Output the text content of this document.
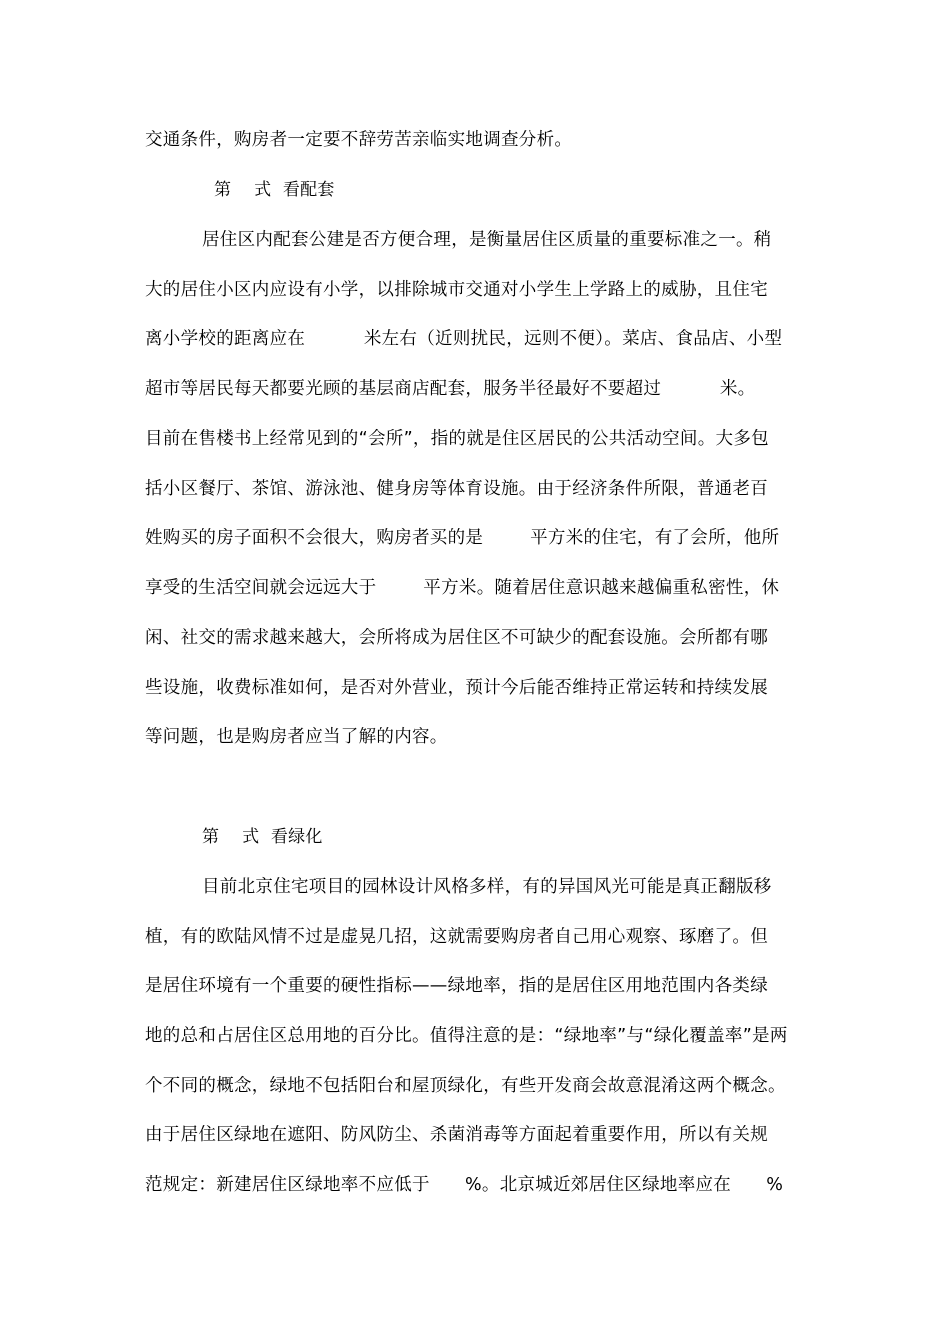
交通条件，购房者一定要不辞劳苦亲临实地调查分析。
第    式  看配套
居住区内配套公建是否方便合理，是衡量居住区质量的重要标准之一。稍
大的居住小区内应设有小学，以排除城市交通对小学生上学路上的威胁，且住宅
离小学校的距离应在          米左右（近则扰民，远则不便）。菜店、食品店、小型
超市等居民每天都要光顾的基层商店配套，服务半径最好不要超过          米。
目前在售楼书上经常见到的“会所”，指的就是住区居民的公共活动空间。大多包
括小区餐厅、茶馆、游泳池、健身房等体育设施。由于经济条件所限，普通老百
姓购买的房子面积不会很大，购房者买的是        平方米的住宅，有了会所，他所
享受的生活空间就会远远大于        平方米。随着居住意识越来越偏重私密性，休
闲、社交的需求越来越大，会所将成为居住区不可缺少的配套设施。会所都有哪
些设施，收费标准如何，是否对外营业，预计今后能否维持正常运转和持续发展
等问题，也是购房者应当了解的内容。
第    式  看绿化
目前北京住宅项目的园林设计风格多样，有的异国风光可能是真正翻版移
植，有的欧陆风情不过是虚晃几招，这就需要购房者自己用心观察、琢磨了。但
是居住环境有一个重要的硬性指标——绿地率，指的是居住区用地范围内各类绿
地的总和占居住区总用地的百分比。值得注意的是：“绿地率”与“绿化覆盖率”是两
个不同的概念，绿地不包括阳台和屋顶绿化，有些开发商会故意混淆这两个概念。
由于居住区绿地在遮阳、防风防尘、杀菌消毒等方面起着重要作用，所以有关规
范规定：新建居住区绿地率不应低于      %。北京城近郊居住区绿地率应在      %
